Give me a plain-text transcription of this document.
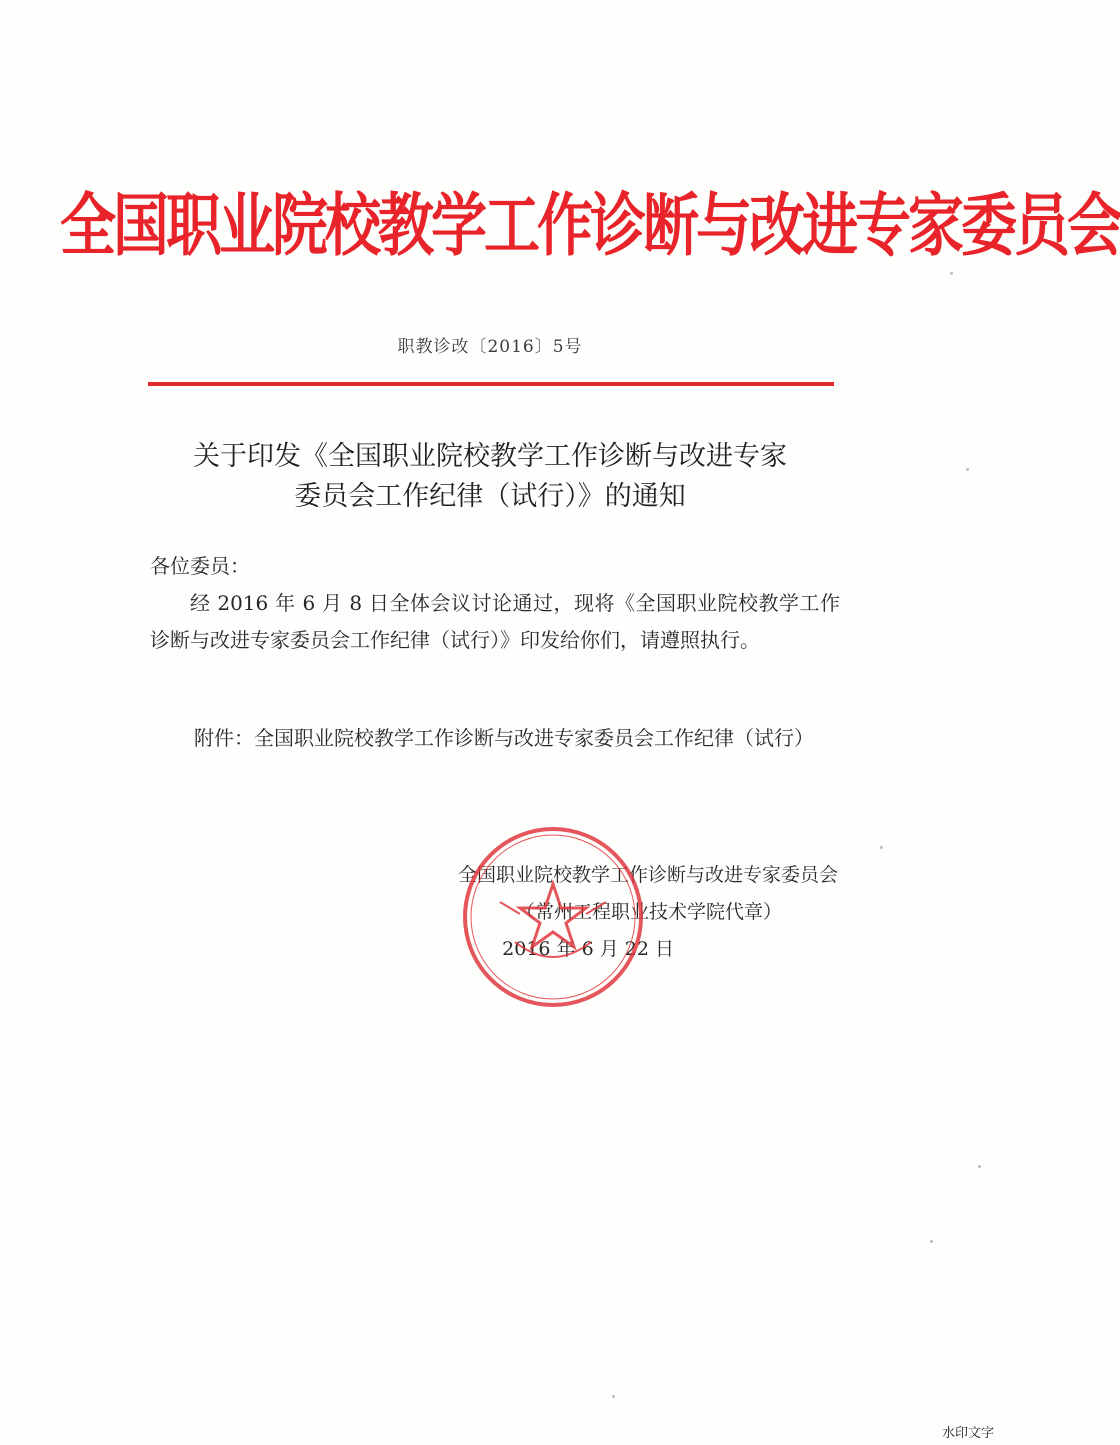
全国职业院校教学工作诊断与改进专家委员会
职教诊改〔2016〕5号
关于印发《全国职业院校教学工作诊断与改进专家
委员会工作纪律（试行）》的通知
各位委员：
经 2016 年 6 月 8 日全体会议讨论通过，现将《全国职业院校教学工作诊断与改进专家委员会工作纪律（试行）》印发给你们，请遵照执行。
附件： 全国职业院校教学工作诊断与改进专家委员会工作纪律（试行）
全国职业院校教学工作诊断与改进专家委员会
（常州工程职业技术学院代章）
2016 年 6 月 22 日
水印文字
